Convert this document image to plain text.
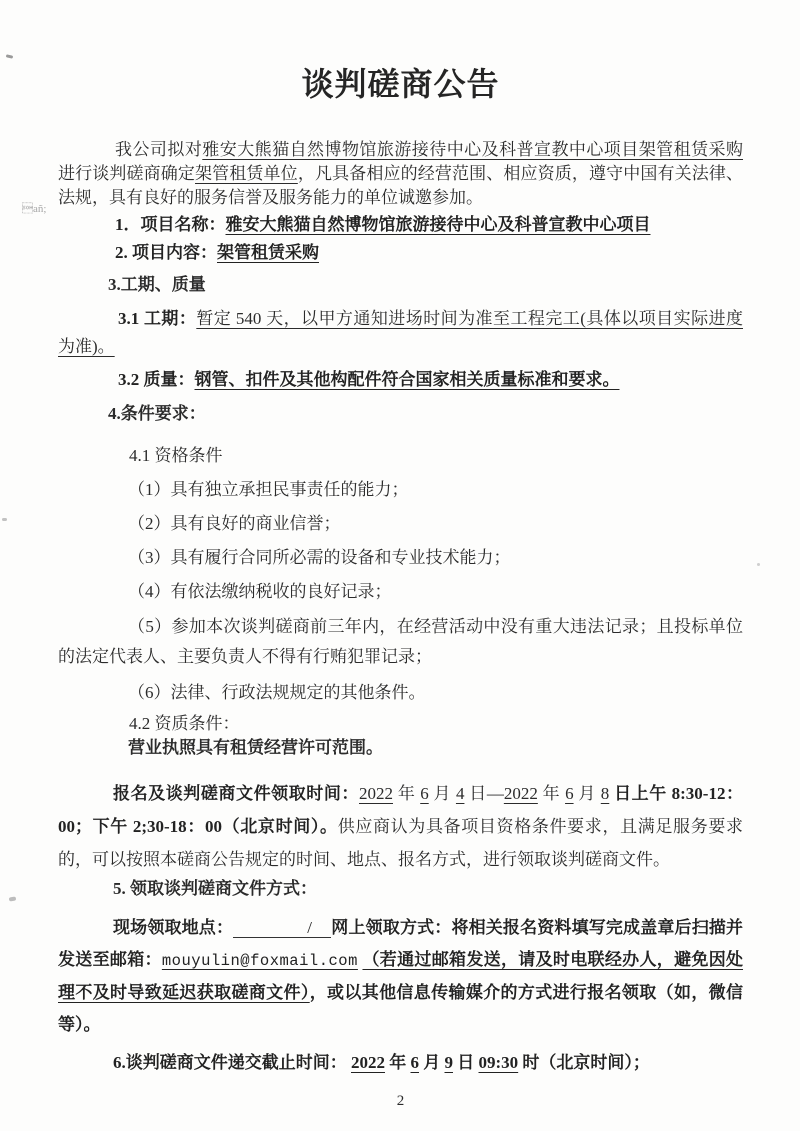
añ;
谈判磋商公告

我公司拟对雅安大熊猫自然博物馆旅游接待中心及科普宣教中心项目架管租赁采购进行谈判磋商确定架管租赁单位，凡具备相应的经营范围、相应资质，遵守中国有关法律、法规，具有良好的服务信誉及服务能力的单位诚邀参加。

1．项目名称：雅安大熊猫自然博物馆旅游接待中心及科普宣教中心项目

2. 项目内容：架管租赁采购

3.工期、质量

3.1 工期：暂定 540 天，以甲方通知进场时间为准至工程完工(具体以项目实际进度为准)。

3.2 质量：钢管、扣件及其他构配件符合国家相关质量标准和要求。

4.条件要求：

4.1 资格条件

（1）具有独立承担民事责任的能力；

（2）具有良好的商业信誉；

（3）具有履行合同所必需的设备和专业技术能力；

（4）有依法缴纳税收的良好记录；

（5）参加本次谈判磋商前三年内，在经营活动中没有重大违法记录；且投标单位的法定代表人、主要负责人不得有行贿犯罪记录；

（6）法律、行政法规规定的其他条件。

4.2 资质条件：

营业执照具有租赁经营许可范围。

报名及谈判磋商文件领取时间：2022 年 6 月 4 日—2022 年 6 月 8 日上午 8:30-12：00；下午 2;30-18：00（北京时间）。供应商认为具备项目资格条件要求，且满足服务要求的，可以按照本磋商公告规定的时间、地点、报名方式，进行领取谈判磋商文件。

5. 领取谈判磋商文件方式：

现场领取地点：	/ 网上领取方式：将相关报名资料填写完成盖章后扫描并发送至邮箱：mouyulin@foxmail.com （若通过邮箱发送，请及时电联经办人，避免因处理不及时导致延迟获取磋商文件），或以其他信息传输媒介的方式进行报名领取（如，微信等）。

6.谈判磋商文件递交截止时间： 2022 年 6 月 9 日 09:30 时（北京时间）；

2
